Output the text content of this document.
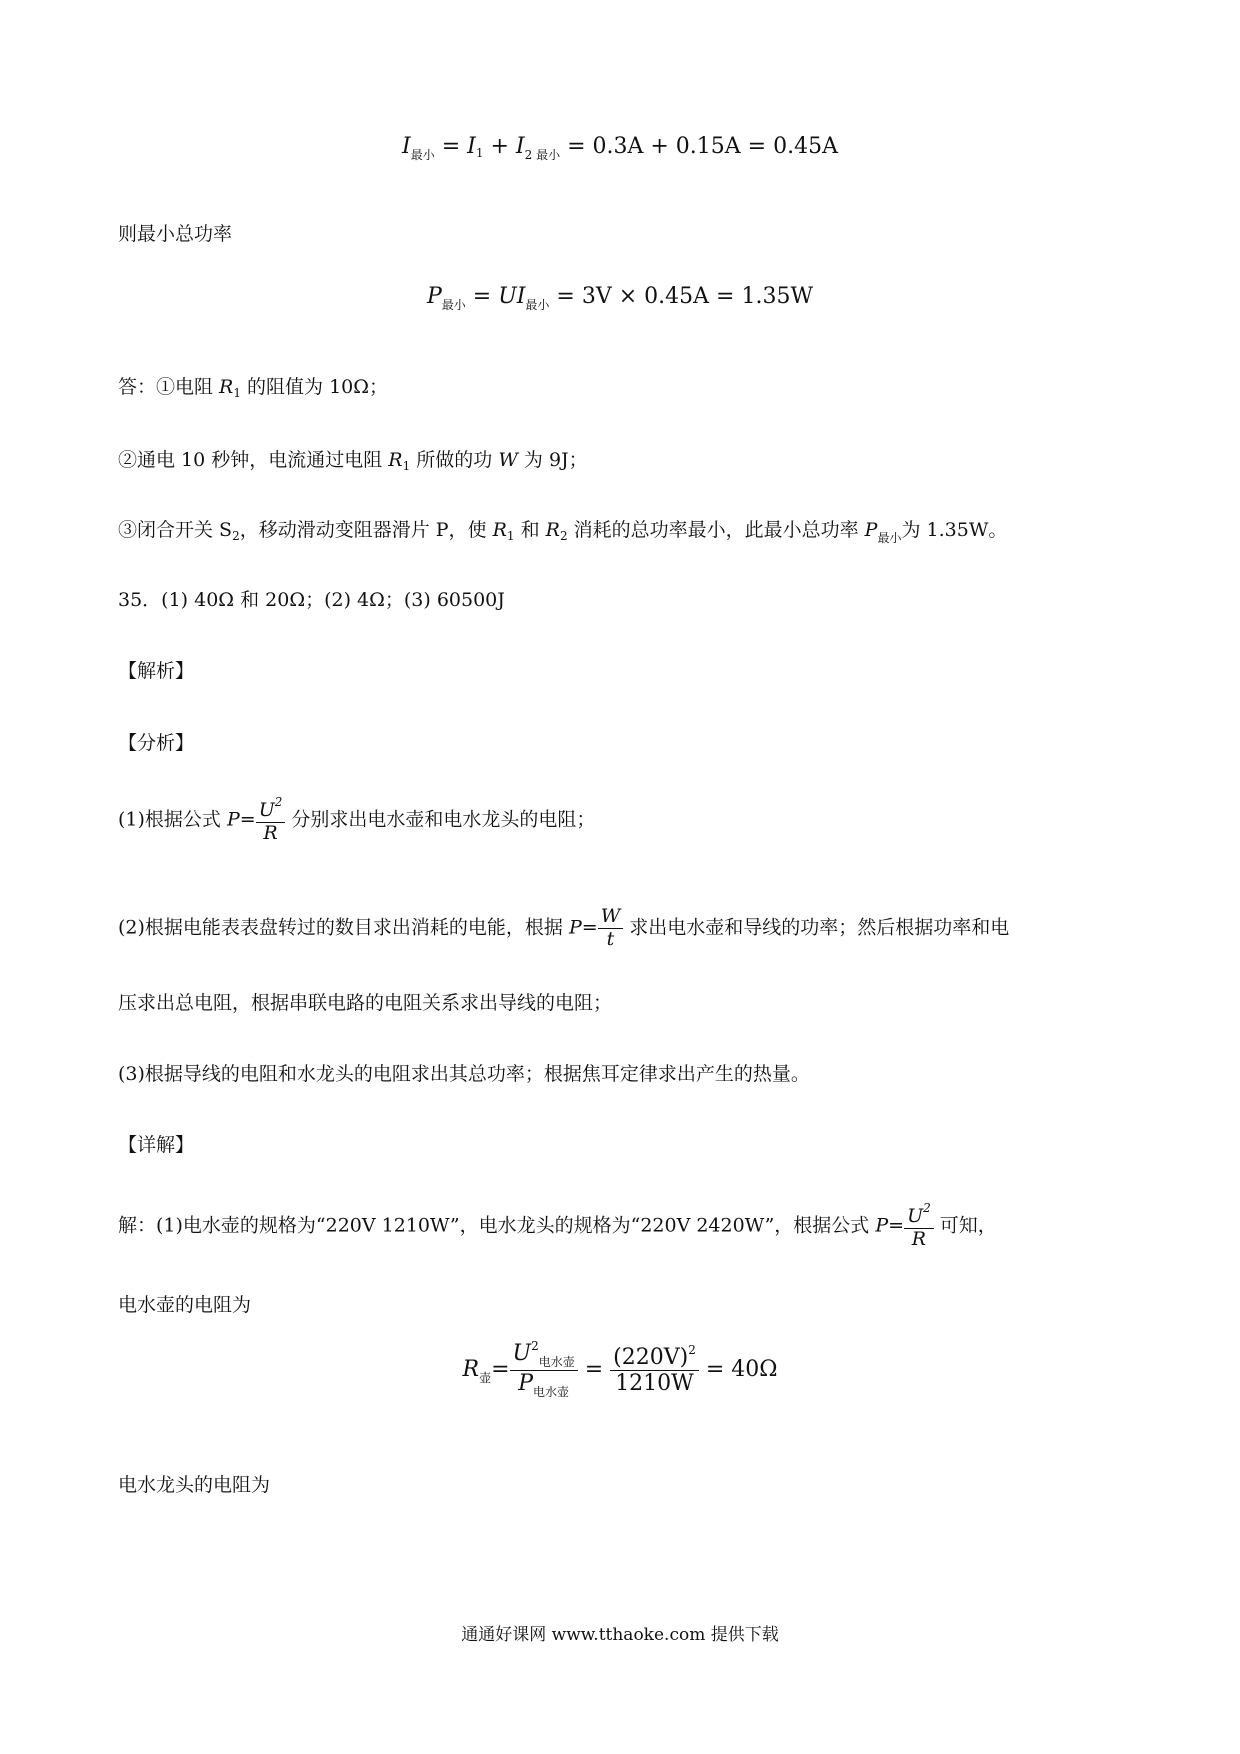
$I_{最小} = I_1 + I_{2 最小} = 0.3A + 0.15A = 0.45A$
则最小总功率
$P_{最小} = UI_{最小} = 3V \times 0.45A = 1.35W$
答：①电阻 $R_1$ 的阻值为 10Ω；
②通电 10 秒钟，电流通过电阻 $R_1$ 所做的功 W 为 9J；
③闭合开关 $S_2$，移动滑动变阻器滑片 P，使 $R_1$ 和 $R_2$ 消耗的总功率最小，此最小总功率 $P_{最小}$为 1.35W。
35．(1) 40Ω 和 20Ω；(2) 4Ω；(3) 60500J
【解析】
【分析】
(1)根据公式 $P= \frac{U^2}{R}$ 分别求出电水壶和电水龙头的电阻；
(2)根据电能表表盘转过的数目求出消耗的电能，根据 $P= \frac{W}{t}$ 求出电水壶和导线的功率；然后根据功率和电
压求出总电阻，根据串联电路的电阻关系求出导线的电阻；
(3)根据导线的电阻和水龙头的电阻求出其总功率；根据焦耳定律求出产生的热量。
【详解】
解：(1)电水壶的规格为“220V 1210W”，电水龙头的规格为“220V 2420W”，根据公式 $P= \frac{U^2}{R}$ 可知，
电水壶的电阻为
$R_壶= \frac{U^2_{电水壶}}{P_{电水壶}} = \frac{(220V)^2}{1210W} = 40\Omega$
电水龙头的电阻为
通通好课网 www.tthaoke.com 提供下载
